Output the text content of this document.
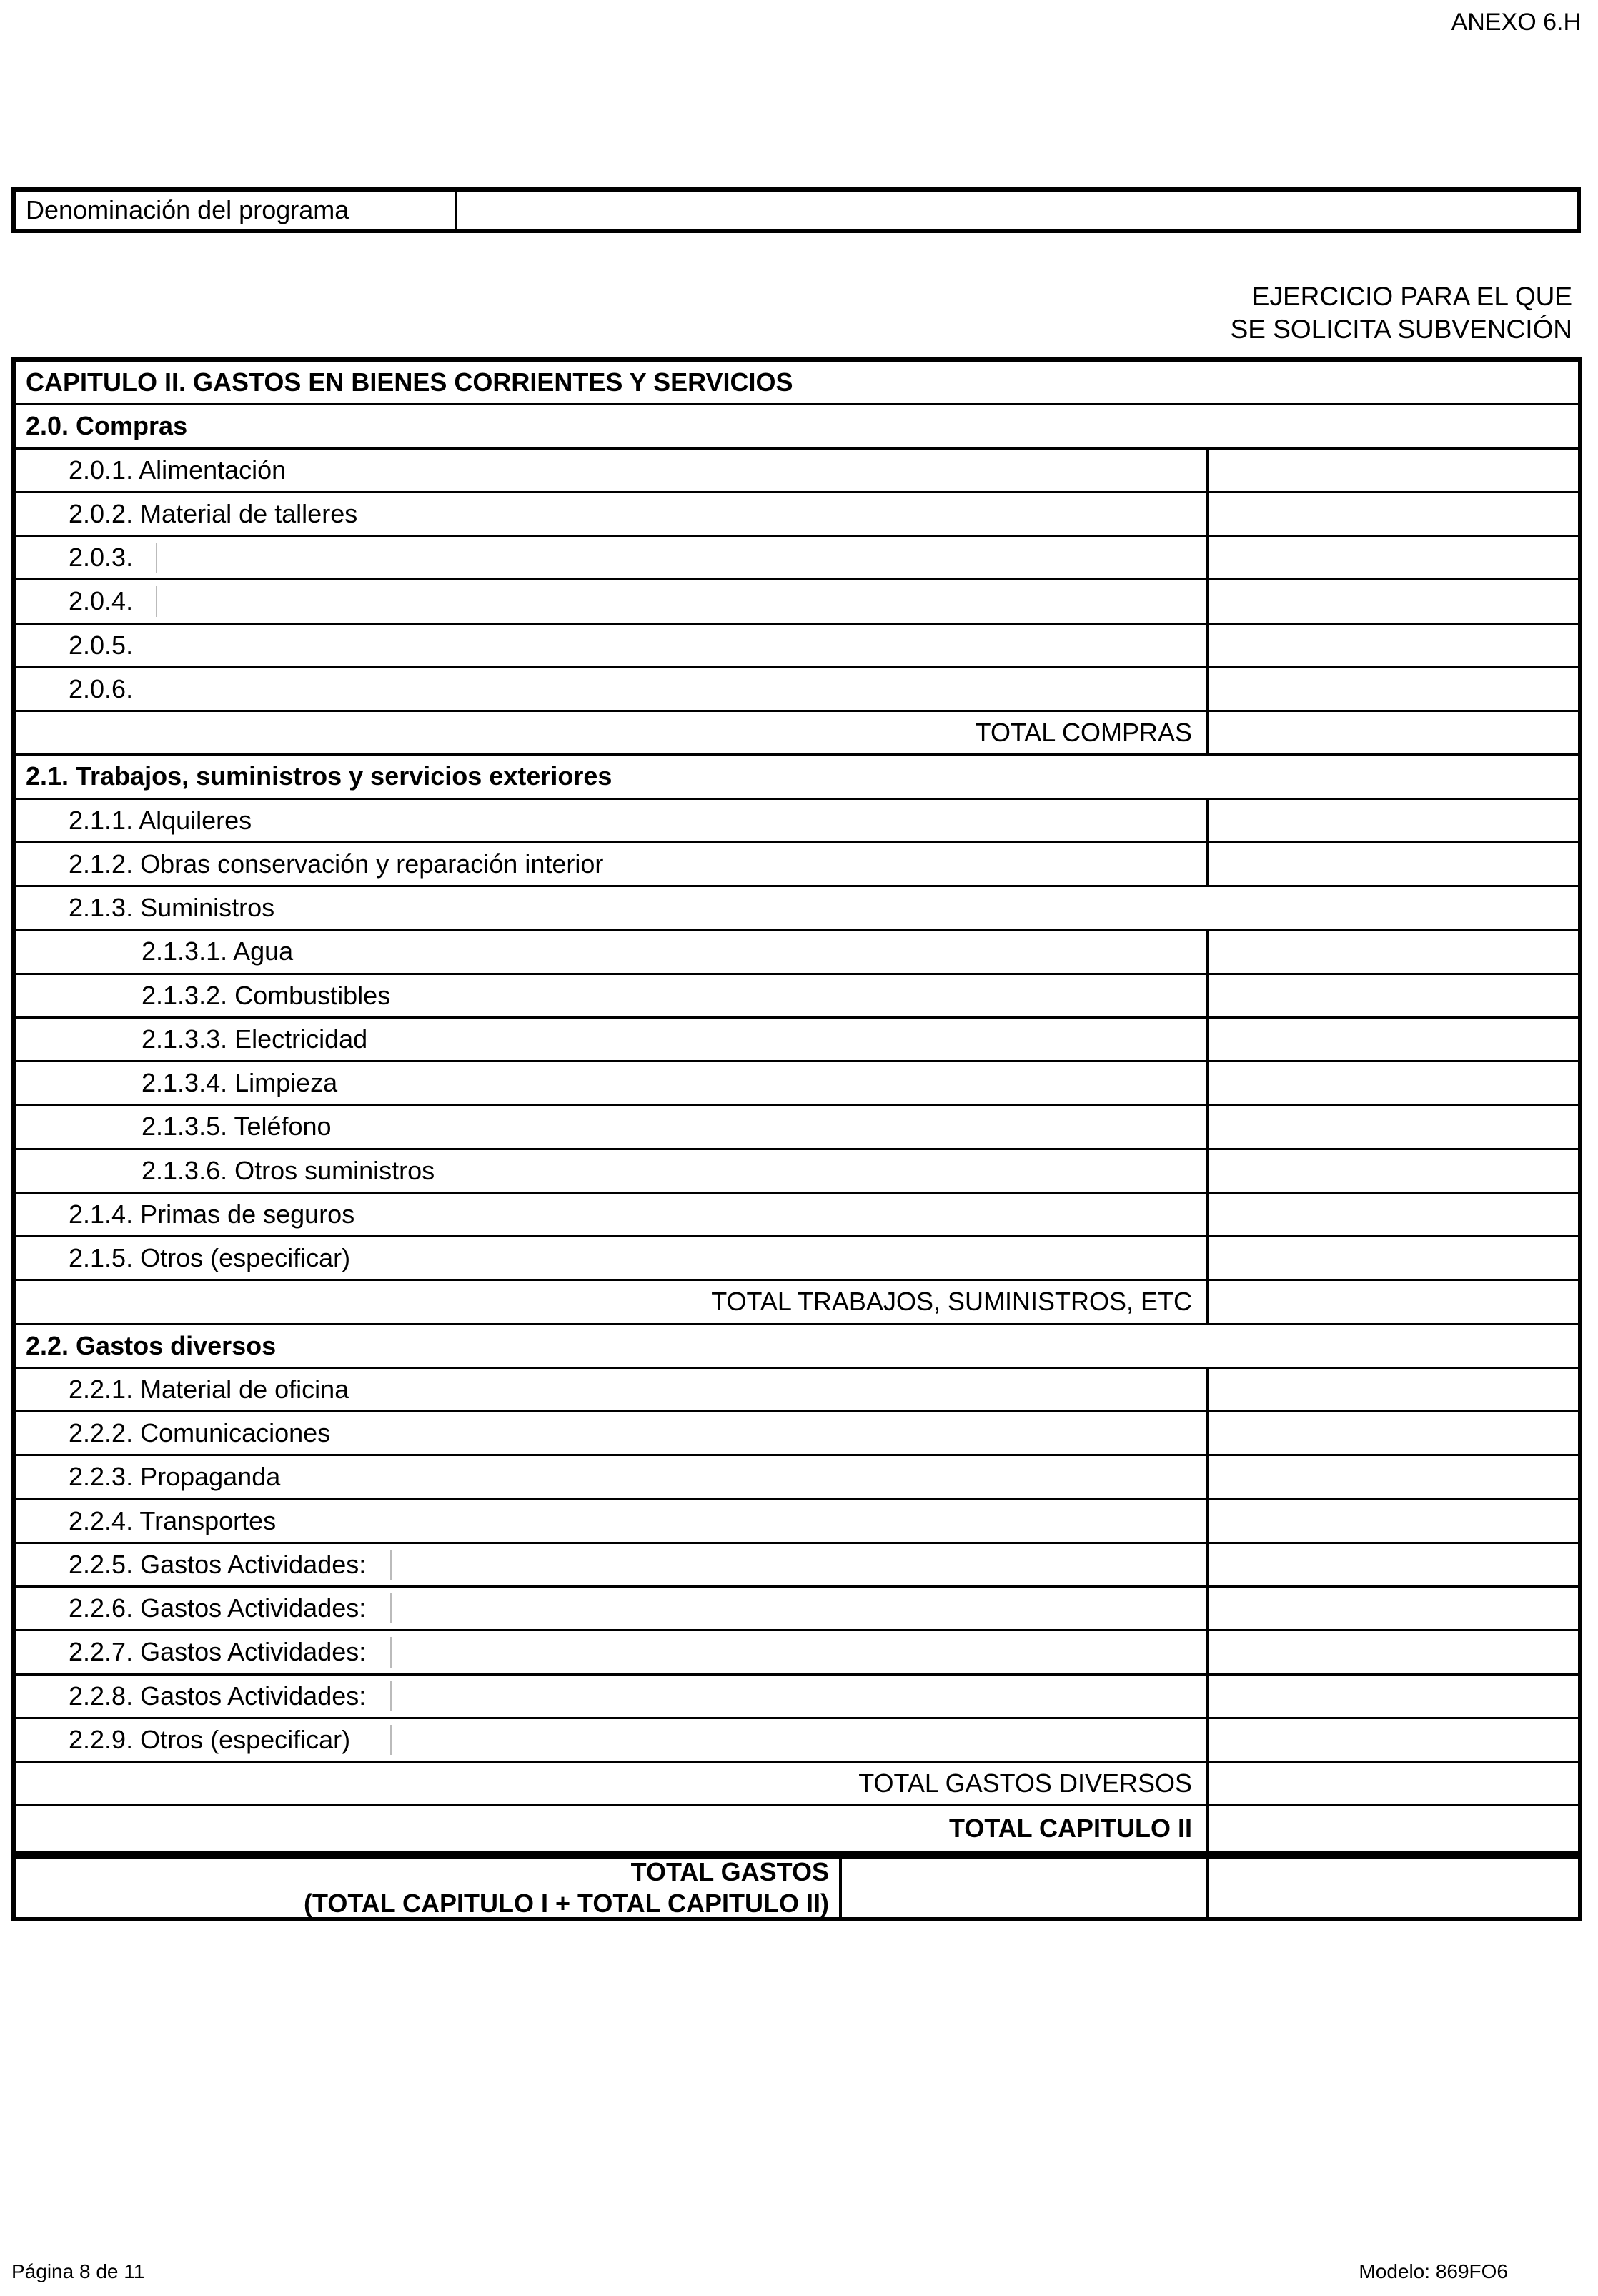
ANEXO 6.H
Denominación del programa
EJERCICIO PARA EL QUE
SE SOLICITA SUBVENCIÓN
CAPITULO II. GASTOS EN BIENES CORRIENTES Y SERVICIOS
2.0. Compras
2.0.1. Alimentación
2.0.2. Material de talleres
2.0.3.
2.0.4.
2.0.5.
2.0.6.
TOTAL COMPRAS
2.1. Trabajos, suministros y servicios exteriores
2.1.1. Alquileres
2.1.2. Obras conservación y reparación interior
2.1.3. Suministros
2.1.3.1. Agua
2.1.3.2. Combustibles
2.1.3.3. Electricidad
2.1.3.4. Limpieza
2.1.3.5. Teléfono
2.1.3.6. Otros suministros
2.1.4. Primas de seguros
2.1.5. Otros (especificar)
TOTAL TRABAJOS, SUMINISTROS, ETC
2.2. Gastos diversos
2.2.1. Material de oficina
2.2.2. Comunicaciones
2.2.3. Propaganda
2.2.4. Transportes
2.2.5. Gastos Actividades:
2.2.6. Gastos Actividades:
2.2.7. Gastos Actividades:
2.2.8. Gastos Actividades:
2.2.9. Otros (especificar)
TOTAL GASTOS DIVERSOS
TOTAL CAPITULO II
TOTAL GASTOS
(TOTAL CAPITULO I + TOTAL CAPITULO II)
Página 8 de 11	Modelo: 869FO6
